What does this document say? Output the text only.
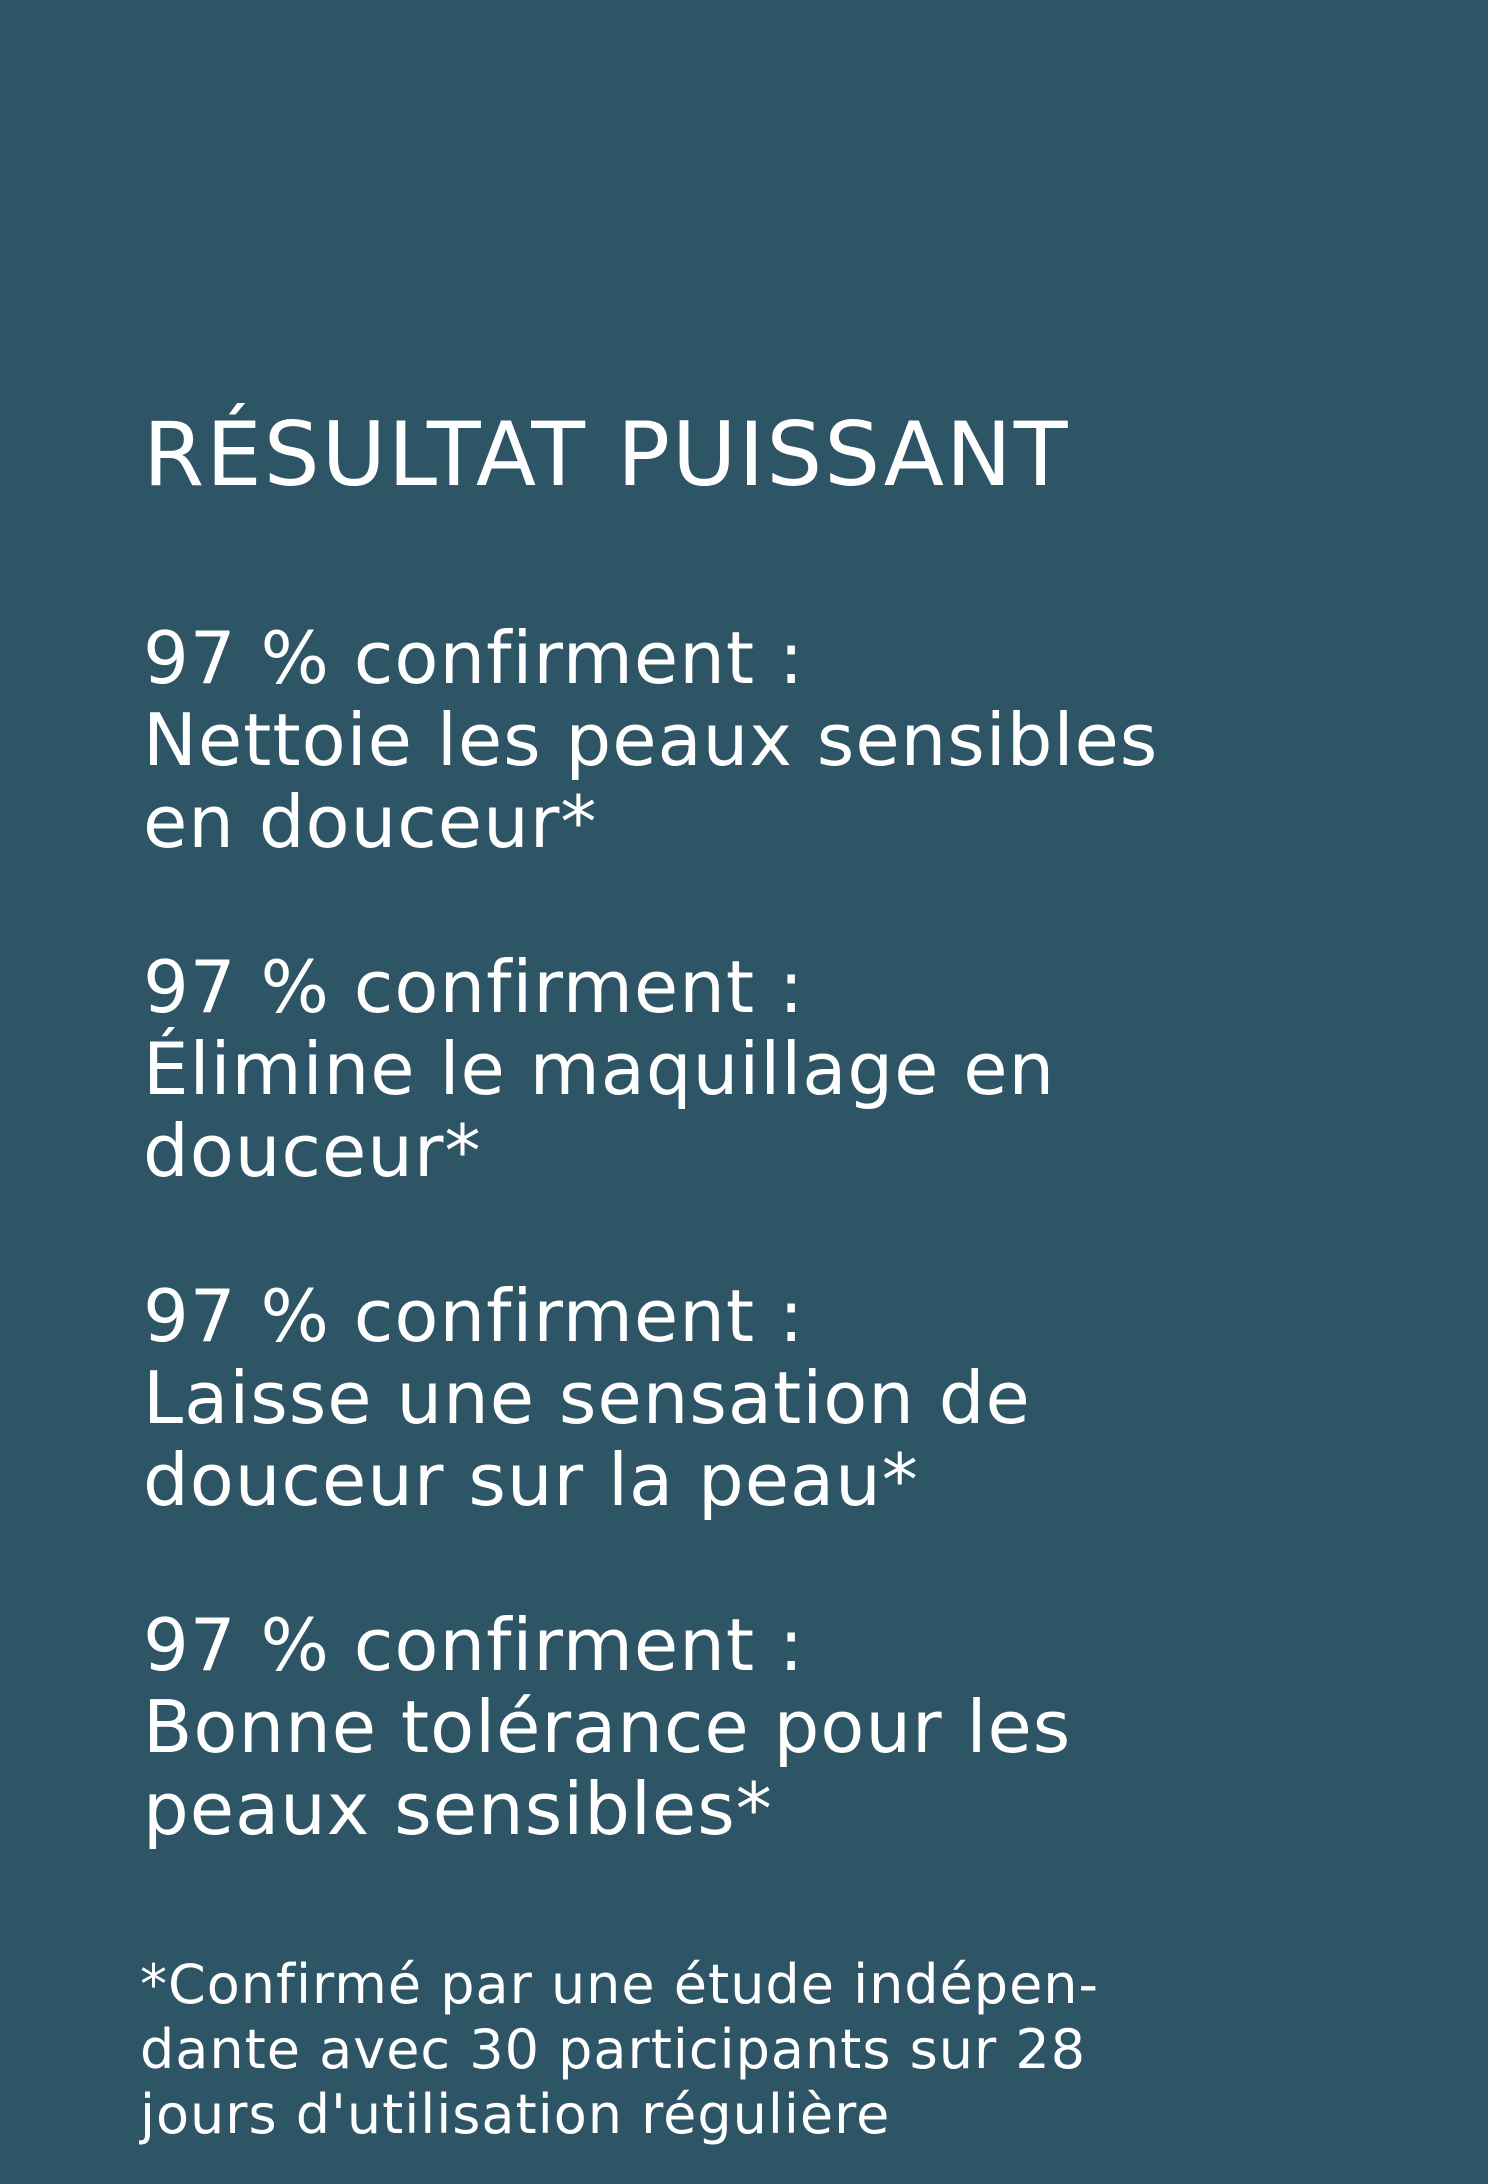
RÉSULTAT PUISSANT
97 % confirment :
Nettoie les peaux sensibles
en douceur*
97 % confirment :
Élimine le maquillage en
douceur*
97 % confirment :
Laisse une sensation de
douceur sur la peau*
97 % confirment :
Bonne tolérance pour les
peaux sensibles*
*Confirmé par une étude indépen-
dante avec 30 participants sur 28
jours d'utilisation régulière
